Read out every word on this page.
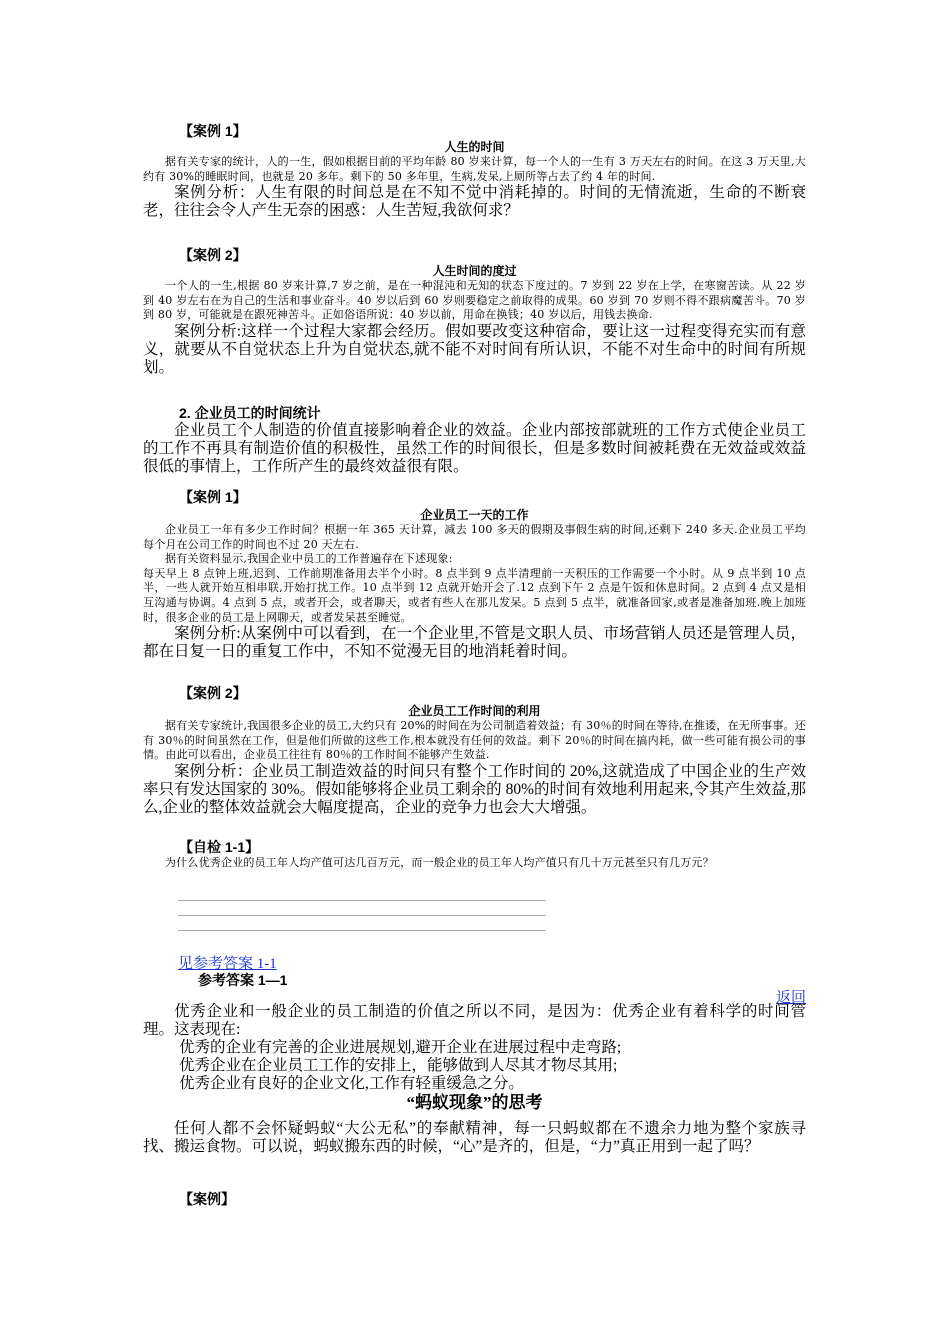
【案例 1】
人生的时间

据有关专家的统计，人的一生，假如根据目前的平均年龄 80 岁来计算，每一个人的一生有 3 万天左右的时间。在这 3 万天里,大约有 30%的睡眠时间，也就是 20 多年。剩下的 50 多年里，生病,发呆,上厕所等占去了约 4 年的时间.

案例分析：人生有限的时间总是在不知不觉中消耗掉的。时间的无情流逝，生命的不断衰老，往往会令人产生无奈的困惑：人生苦短,我欲何求？

【案例 2】
人生时间的度过

一个人的一生,根据 80 岁来计算,7 岁之前，是在一种混沌和无知的状态下度过的。7 岁到 22 岁在上学，在寒窗苦读。从 22 岁到 40 岁左右在为自己的生活和事业奋斗。40 岁以后到 60 岁则要稳定之前取得的成果。60 岁到 70 岁则不得不跟病魔苦斗。70 岁到 80 岁，可能就是在跟死神苦斗。正如俗语所说：40 岁以前，用命在换钱；40 岁以后，用钱去换命.

案例分析:这样一个过程大家都会经历。假如要改变这种宿命，要让这一过程变得充实而有意义，就要从不自觉状态上升为自觉状态,就不能不对时间有所认识，不能不对生命中的时间有所规划。

2. 企业员工的时间统计

企业员工个人制造的价值直接影响着企业的效益。企业内部按部就班的工作方式使企业员工的工作不再具有制造价值的积极性，虽然工作的时间很长，但是多数时间被耗费在无效益或效益很低的事情上，工作所产生的最终效益很有限。

【案例 1】
企业员工一天的工作

企业员工一年有多少工作时间？根据一年 365 天计算，减去 100 多天的假期及事假生病的时间,还剩下 240 多天.企业员工平均每个月在公司工作的时间也不过 20 天左右.

据有关资料显示,我国企业中员工的工作普遍存在下述现象:

每天早上 8 点钟上班,迟到、工作前期准备用去半个小时。8 点半到 9 点半清理前一天积压的工作需要一个小时。从 9 点半到 10 点半，一些人就开始互相串联,开始打扰工作。10 点半到 12 点就开始开会了.12 点到下午 2 点是午饭和休息时间。2 点到 4 点又是相互沟通与协调。4 点到 5 点，或者开会，或者聊天，或者有些人在那儿发呆。5 点到 5 点半，就准备回家,或者是准备加班.晚上加班时，很多企业的员工是上网聊天，或者发呆甚至睡觉。

案例分析:从案例中可以看到，在一个企业里,不管是文职人员、市场营销人员还是管理人员，都在日复一日的重复工作中，不知不觉漫无目的地消耗着时间。

【案例 2】
企业员工工作时间的利用

据有关专家统计,我国很多企业的员工,大约只有 20%的时间在为公司制造着效益；有 30％的时间在等待,在推诿，在无所事事。还有 30％的时间虽然在工作，但是他们所做的这些工作,根本就没有任何的效益。剩下 20％的时间在搞内耗，做一些可能有损公司的事情。由此可以看出，企业员工往往有 80％的工作时间不能够产生效益.

案例分析：企业员工制造效益的时间只有整个工作时间的 20%,这就造成了中国企业的生产效率只有发达国家的 30%。假如能够将企业员工剩余的 80%的时间有效地利用起来,令其产生效益,那么,企业的整体效益就会大幅度提高，企业的竞争力也会大大增强。

【自检 1-1】

为什么优秀企业的员工年人均产值可达几百万元，而一般企业的员工年人均产值只有几十万元甚至只有几万元？

见参考答案 1-1
参考答案 1—1
返回

优秀企业和一般企业的员工制造的价值之所以不同，是因为：优秀企业有着科学的时间管理。这表现在:

优秀的企业有完善的企业进展规划,避开企业在进展过程中走弯路;

优秀企业在企业员工工作的安排上，能够做到人尽其才物尽其用;

优秀企业有良好的企业文化,工作有轻重缓急之分。

“蚂蚁现象”的思考

任何人都不会怀疑蚂蚁“大公无私”的奉献精神，每一只蚂蚁都在不遗余力地为整个家族寻找、搬运食物。可以说，蚂蚁搬东西的时候，“心”是齐的，但是，“力”真正用到一起了吗？

【案例】
